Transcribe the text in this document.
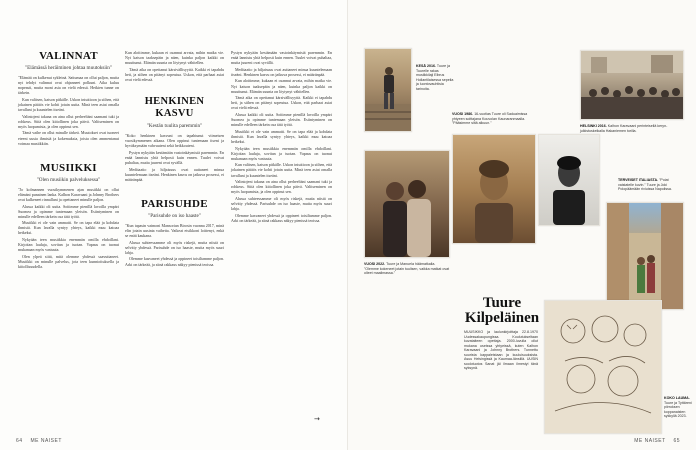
VALINNAT
"Elämässä heräiminen johtaa muutoksiin"

"Elämää on kulkenut sykleinä. Sattumaa on ollut paljon, mutta nyt tehdyt valinnat ovat ohjanneet polkuni. Aika kuluu nopeasti, mutta moni asia on vielä edessä. Hetkien tunne on tärkein.

Kun valitsen, katson pitkälle. Uskon intuitioon ja siihen, että jokainen päätös vie kohti jotain uutta. Minä teen asiat omalla tavallani ja kuuntelen itseäni.

Valintojeni takana on aina ollut perheeltäni saamani tuki ja rohkeus. Siitä olen kiitollinen joka päivä. Valitseminen on myös luopumista, ja olen oppinut sen.

Tämä vaihe on ollut minulle tärkeä. Muutokset ovat tuoneet eteeni uusia ihmisiä ja kokemuksia, joista olen ammentanut voimaa musiikkiin.

MUSIIKKI
"Olen musiikin palveluksessa"

"Jo kolmannen vuosikymmenen ajan musiikki on ollut elämäni punainen lanka. Kalhon Karavaani ja Johnny Brothers ovat kulkeneet rinnallani ja opettaneet minulle paljon.

Alussa kaikki oli uutta. Soitimme pienillä lavoilla ympäri Suomea ja opimme tuntemaan yleisön. Esiintyminen on minulle edelleen tärkein osa tätä työtä.

Musiikki ei ole vain ammatti. Se on tapa elää ja kohdata ihmisiä. Kun lavalla syntyy yhteys, kaikki muu katoaa hetkeksi.

Nykyään teen musiikkia enemmän omilla ehdoillani. Kirjoitan lauluja, sovitan ja tuotan. Vapaus on tuonut mukanaan myös vastuuta.

Olen ylpeä siitä, mitä olemme yhdessä saavuttaneet. Musiikki on minulle palvelus, jota teen kunnioituksella ja kiitollisuudella.

Kun aloitimme, kukaan ei osannut arvata, mihin matka vie. Nyt katson taaksepäin ja näen, kuinka paljon kaikki on muuttunut. Elämän suunta on löytynyt vähitellen.

Tämä aika on opettanut kärsivällisyyttä. Kaikki ei tapahdu heti, ja siihen on pitänyt sopeutua. Uskon, että parhaat asiat ovat vielä edessä.

HENKINEN KASVU
"Kestän tuulita paremmin"

"Koko henkinen kasvuni on tapahtunut viimeisen vuosikymmenen aikana. Olen oppinut tuntemaan itseni ja hyväksymään vahvuuteni sekä heikkouteni.

Pystyn nykyään kestämään vastoinkäymisiä paremmin. En enää lannistu yhtä helposti kuin ennen. Tuulet voivat puhaltaa, mutta juureni ovat syvällä.

Meditaatio ja hiljaisuus ovat auttaneet minua kuuntelemaan itseäni. Henkinen kasvu on jatkuva prosessi, ei määränpää.

PARISUHDE
"Parisuhde on iso haaste"

"Kun tapasin vaimoni Mansorian Birosin vuonna 2017, minä elin jotain uusinta vaihetta. Vaikeat etsikkoni loittenyt, enkä se enää kaukana.

Alussa suhteessamme oli myös riskejä, mutta niistä on selvitty yhdessä. Parisuhde on iso haaste, mutta myös suuri lahja.

Olemme kasvaneet yhdessä ja oppineet toisiltamme paljon. Arki on tärkeää, ja siinä rakkaus näkyy pienissä teoissa.

Pystyn nykyään kestämään vastoinkäymisiä paremmin. En enää lannistu yhtä helposti kuin ennen. Tuulet voivat puhaltaa, mutta juureni ovat syvällä.

Meditaatio ja hiljaisuus ovat auttaneet minua kuuntelemaan itseäni. Henkinen kasvu on jatkuva prosessi, ei määränpää.

Kun aloitimme, kukaan ei osannut arvata, mihin matka vie. Nyt katson taaksepäin ja näen, kuinka paljon kaikki on muuttunut. Elämän suunta on löytynyt vähitellen.

Tämä aika on opettanut kärsivällisyyttä. Kaikki ei tapahdu heti, ja siihen on pitänyt sopeutua. Uskon, että parhaat asiat ovat vielä edessä.

Alussa kaikki oli uutta. Soitimme pienillä lavoilla ympäri Suomea ja opimme tuntemaan yleisön. Esiintyminen on minulle edelleen tärkein osa tätä työtä.

Musiikki ei ole vain ammatti. Se on tapa elää ja kohdata ihmisiä. Kun lavalla syntyy yhteys, kaikki muu katoaa hetkeksi.

Nykyään teen musiikkia enemmän omilla ehdoillani. Kirjoitan lauluja, sovitan ja tuotan. Vapaus on tuonut mukanaan myös vastuuta.

Kun valitsen, katson pitkälle. Uskon intuitioon ja siihen, että jokainen päätös vie kohti jotain uutta. Minä teen asiat omalla tavallani ja kuuntelen itseäni.

Valintojeni takana on aina ollut perheeltäni saamani tuki ja rohkeus. Siitä olen kiitollinen joka päivä. Valitseminen on myös luopumista, ja olen oppinut sen.

Alussa suhteessamme oli myös riskejä, mutta niistä on selvitty yhdessä. Parisuhde on iso haaste, mutta myös suuri lahja.

Olemme kasvaneet yhdessä ja oppineet toisiltamme paljon. Arki on tärkeää, ja siinä rakkaus näkyy pienissä teoissa.

64 ME NAISET
KESÄ 2016. Tuure ja Tuurelle rakas musiikkilaji Elbrus Hollantilaisessa sepelia ja luontovauhtisia tarinoita.
HELSINKI 2016. Kalhon Karavaani perinteisellä keryn-julkistuskeikalla Hakaniemen torilla.
VUOSI 1986. 16-vuotias Tuure oli Saduaimissa yhtyeen soittajana Kouvolan Kaunaranmaalla. "Pääsimme siitä alkuun."
TERVEISET ITALIASTA. "Poiat vaistatelle kuvin." Tuure ja Joki Polopäämään riviuissa Napolissa.
VUOSI 2022. Tuure ja Manuela häämatkalla. "Olemme kokeneet jotain tuulisen, vaikka matkat ovat olleet maailmassa."
Tuure
Kilpeläinen
MUUSIKKO ja laulunkirjoittaja 22.8.1970 Uudessakaupungissa. Koulutukseltaan kuvataiteen opettaja. 2000-luvulla ollut mukana useissa yhtyeissä, kuten Kalhon Karavaani ja Johnny Brothers. Tunnettu suurista kappaleistaan ja kuuluisuuksista. Asuu Helsingissä ja Kaumaa-länsillä. UUSIN soolotuotos Sanat jäi ilmaan ilmestyi tänä syksynä.
KOKO LAUMA. Tuure ja Tyttäreni piirroksen koppanaisten sykkyllä 2023.
ME NAISET 65
→
